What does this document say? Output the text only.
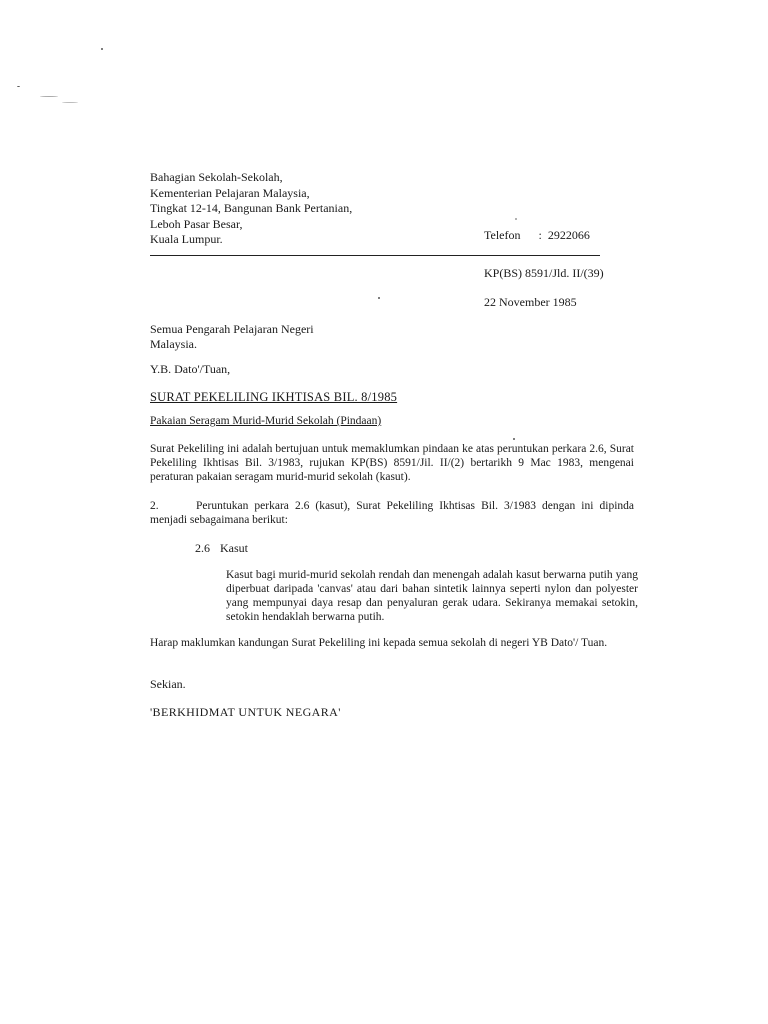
Bahagian Sekolah-Sekolah,
Kementerian Pelajaran Malaysia,
Tingkat 12-14, Bangunan Bank Pertanian,
Leboh Pasar Besar,
Kuala Lumpur.	Telefon : 2922066
KP(BS) 8591/Jld. II/(39)
22 November 1985
Semua Pengarah Pelajaran Negeri
Malaysia.
Y.B. Dato'/Tuan,
SURAT PEKELILING IKHTISAS BIL. 8/1985
Pakaian Seragam Murid-Murid Sekolah (Pindaan)
Surat Pekeliling ini adalah bertujuan untuk memaklumkan pindaan ke atas peruntukan perkara 2.6, Surat Pekeliling Ikhtisas Bil. 3/1983, rujukan KP(BS) 8591/Jil. II/(2) bertarikh 9 Mac 1983, mengenai peraturan pakaian seragam murid-murid sekolah (kasut).
2.	Peruntukan perkara 2.6 (kasut), Surat Pekeliling Ikhtisas Bil. 3/1983 dengan ini dipinda menjadi sebagaimana berikut:
2.6 Kasut
Kasut bagi murid-murid sekolah rendah dan menengah adalah kasut berwarna putih yang diperbuat daripada 'canvas' atau dari bahan sintetik lainnya seperti nylon dan polyester yang mempunyai daya resap dan penyaluran gerak udara. Sekiranya memakai setokin, setokin hendaklah berwarna putih.
Harap maklumkan kandungan Surat Pekeliling ini kepada semua sekolah di negeri YB Dato'/ Tuan.
Sekian.
'BERKHIDMAT UNTUK NEGARA'
